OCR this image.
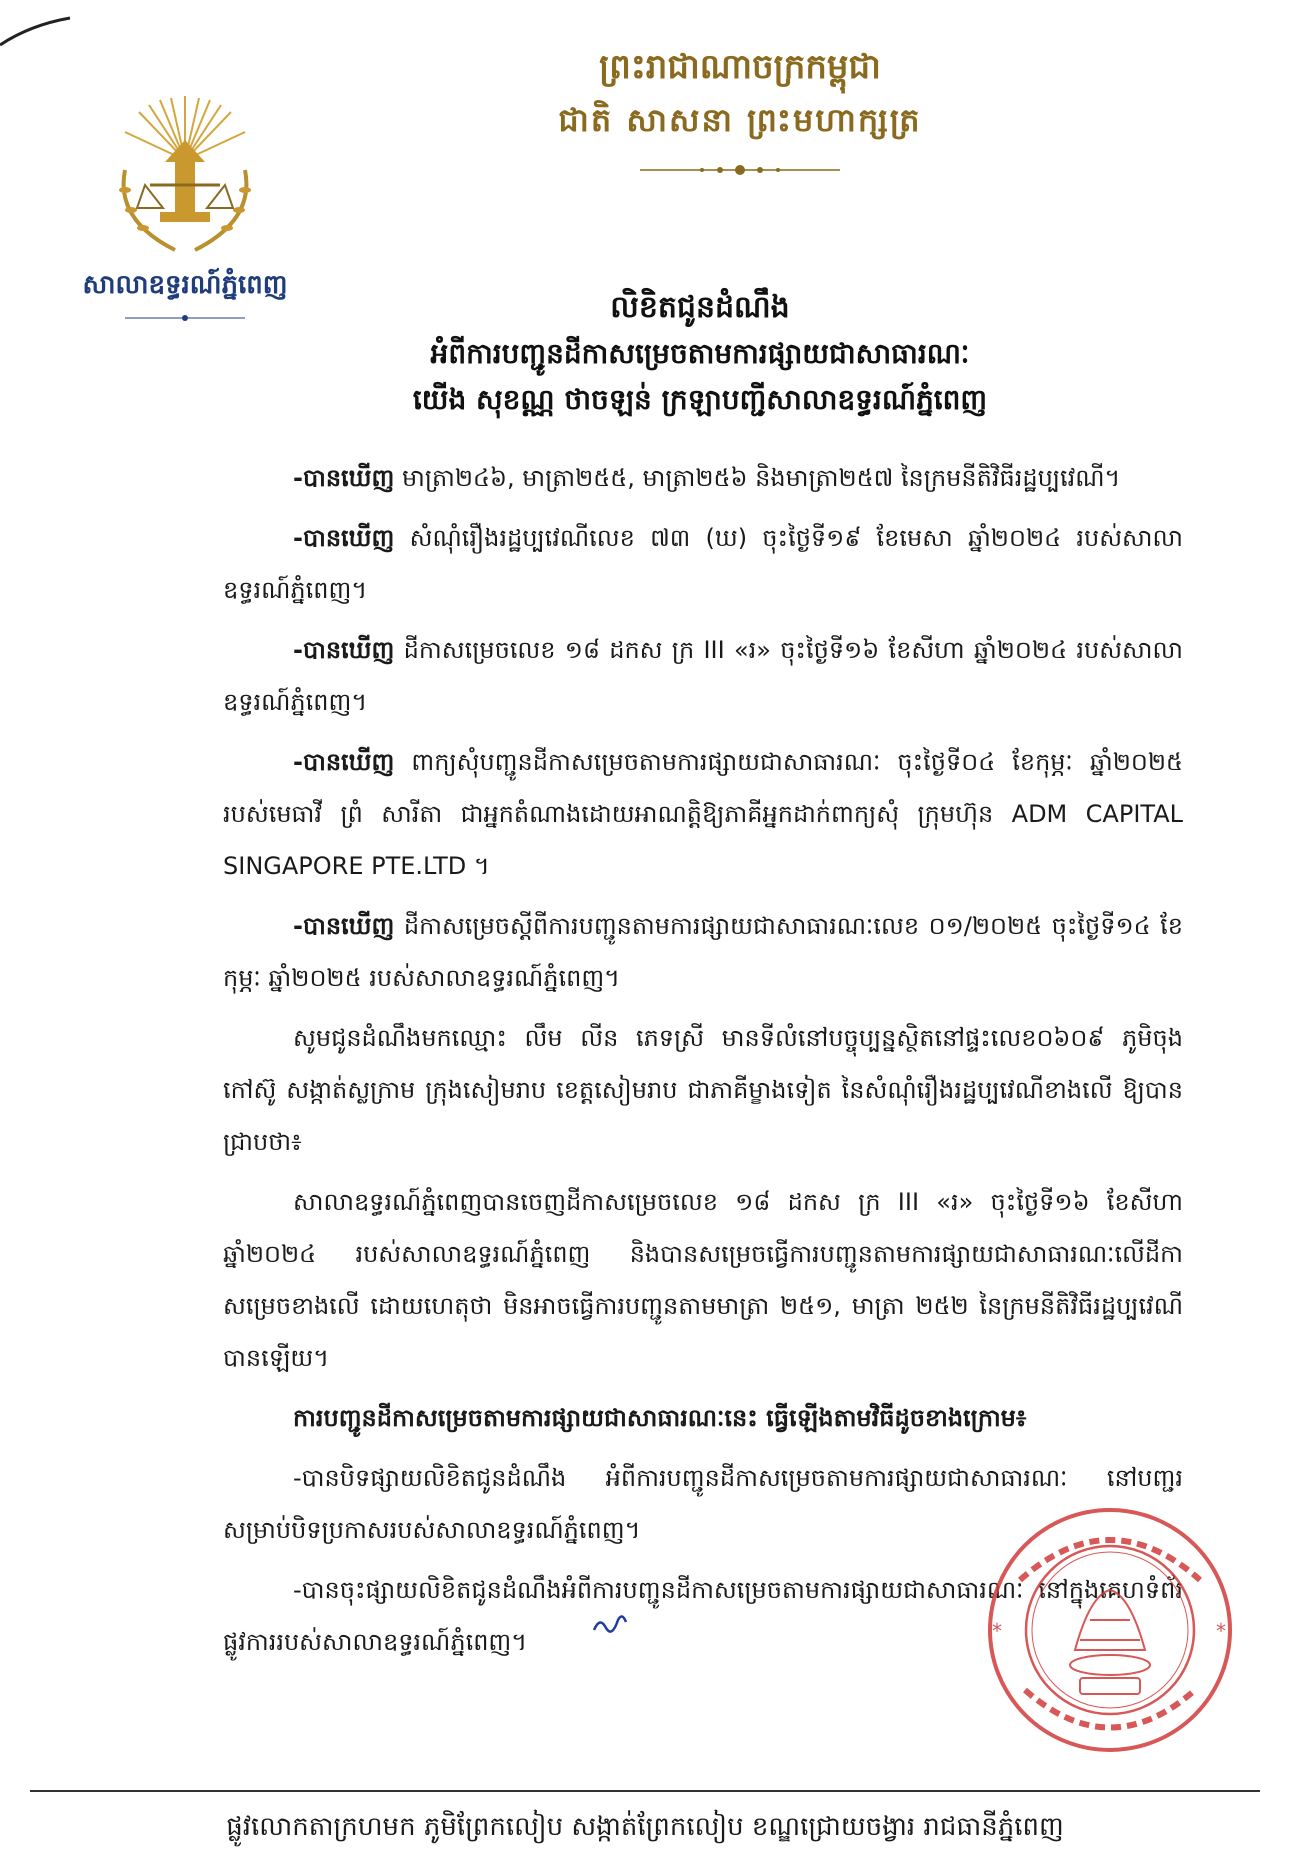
ព្រះរាជាណាចក្រកម្ពុជា
ជាតិ សាសនា ព្រះមហាក្សត្រ
សាលាឧទ្ធរណ៍ភ្នំពេញ
លិខិតជូនដំណឹង
អំពីការបញ្ជូនដីកាសម្រេចតាមការផ្សាយជាសាធារណៈ
យើង សុខណ្ណ ថាចឡន់ ក្រឡាបញ្ជីសាលាឧទ្ធរណ៍ភ្នំពេញ

-បានឃើញ មាត្រា២៤៦, មាត្រា២៥៥, មាត្រា២៥៦ និងមាត្រា២៥៧ នៃក្រមនីតិវិធីរដ្ឋប្បវេណី។

-បានឃើញ សំណុំរឿងរដ្ឋប្បវេណីលេខ ៧៣ (ឃ) ចុះថ្ងៃទី១៩ ខែមេសា ឆ្នាំ២០២៤ របស់សាលាឧទ្ធរណ៍ភ្នំពេញ។

-បានឃើញ ដីកាសម្រេចលេខ ១៨ ដកស ក្រ III «រ» ចុះថ្ងៃទី១៦ ខែសីហា ឆ្នាំ២០២៤ របស់សាលាឧទ្ធរណ៍ភ្នំពេញ។

-បានឃើញ ពាក្យសុំបញ្ជូនដីកាសម្រេចតាមការផ្សាយជាសាធារណៈ ចុះថ្ងៃទី០៤ ខែកុម្ភៈ ឆ្នាំ២០២៥ របស់មេធាវី ព្រំ សារីតា ជាអ្នកតំណាងដោយអាណត្តិឱ្យភាគីអ្នកដាក់ពាក្យសុំ ក្រុមហ៊ុន ADM CAPITAL SINGAPORE PTE.LTD ។

-បានឃើញ ដីកាសម្រេចស្តីពីការបញ្ជូនតាមការផ្សាយជាសាធារណៈលេខ ០១/២០២៥ ចុះថ្ងៃទី១៤ ខែកុម្ភៈ ឆ្នាំ២០២៥ របស់សាលាឧទ្ធរណ៍ភ្នំពេញ។

សូមជូនដំណឹងមកឈ្មោះ លឹម លីន ភេទស្រី មានទីលំនៅបច្ចុប្បន្នស្ថិតនៅផ្ទះលេខ០៦០៩ ភូមិចុងកៅស៊ូ សង្កាត់ស្លក្រាម ក្រុងសៀមរាប ខេត្តសៀមរាប ជាភាគីម្ខាងទៀត នៃសំណុំរឿងរដ្ឋប្បវេណីខាងលើ ឱ្យបានជ្រាបថា៖

សាលាឧទ្ធរណ៍ភ្នំពេញបានចេញដីកាសម្រេចលេខ ១៨ ដកស ក្រ III «រ» ចុះថ្ងៃទី១៦ ខែសីហា ឆ្នាំ២០២៤ របស់សាលាឧទ្ធរណ៍ភ្នំពេញ និងបានសម្រេចធ្វើការបញ្ជូនតាមការផ្សាយជាសាធារណៈលើដីកាសម្រេចខាងលើ ដោយហេតុថា មិនអាចធ្វើការបញ្ជូនតាមមាត្រា ២៥១, មាត្រា ២៥២ នៃក្រមនីតិវិធីរដ្ឋប្បវេណីបានឡើយ។

ការបញ្ជូនដីកាសម្រេចតាមការផ្សាយជាសាធារណៈនេះ ធ្វើឡើងតាមវិធីដូចខាងក្រោម៖

-បានបិទផ្សាយលិខិតជូនដំណឹង អំពីការបញ្ជូនដីកាសម្រេចតាមការផ្សាយជាសាធារណៈ នៅបញ្ជរសម្រាប់បិទប្រកាសរបស់សាលាឧទ្ធរណ៍ភ្នំពេញ។

-បានចុះផ្សាយលិខិតជូនដំណឹងអំពីការបញ្ជូនដីកាសម្រេចតាមការផ្សាយជាសាធារណៈ នៅក្នុងគេហទំព័រផ្លូវការរបស់សាលាឧទ្ធរណ៍ភ្នំពេញ។	*	*
ផ្លូវលោកតាក្រហមក ភូមិព្រែកលៀប សង្កាត់ព្រែកលៀប ខណ្ឌជ្រោយចង្វារ រាជធានីភ្នំពេញ
